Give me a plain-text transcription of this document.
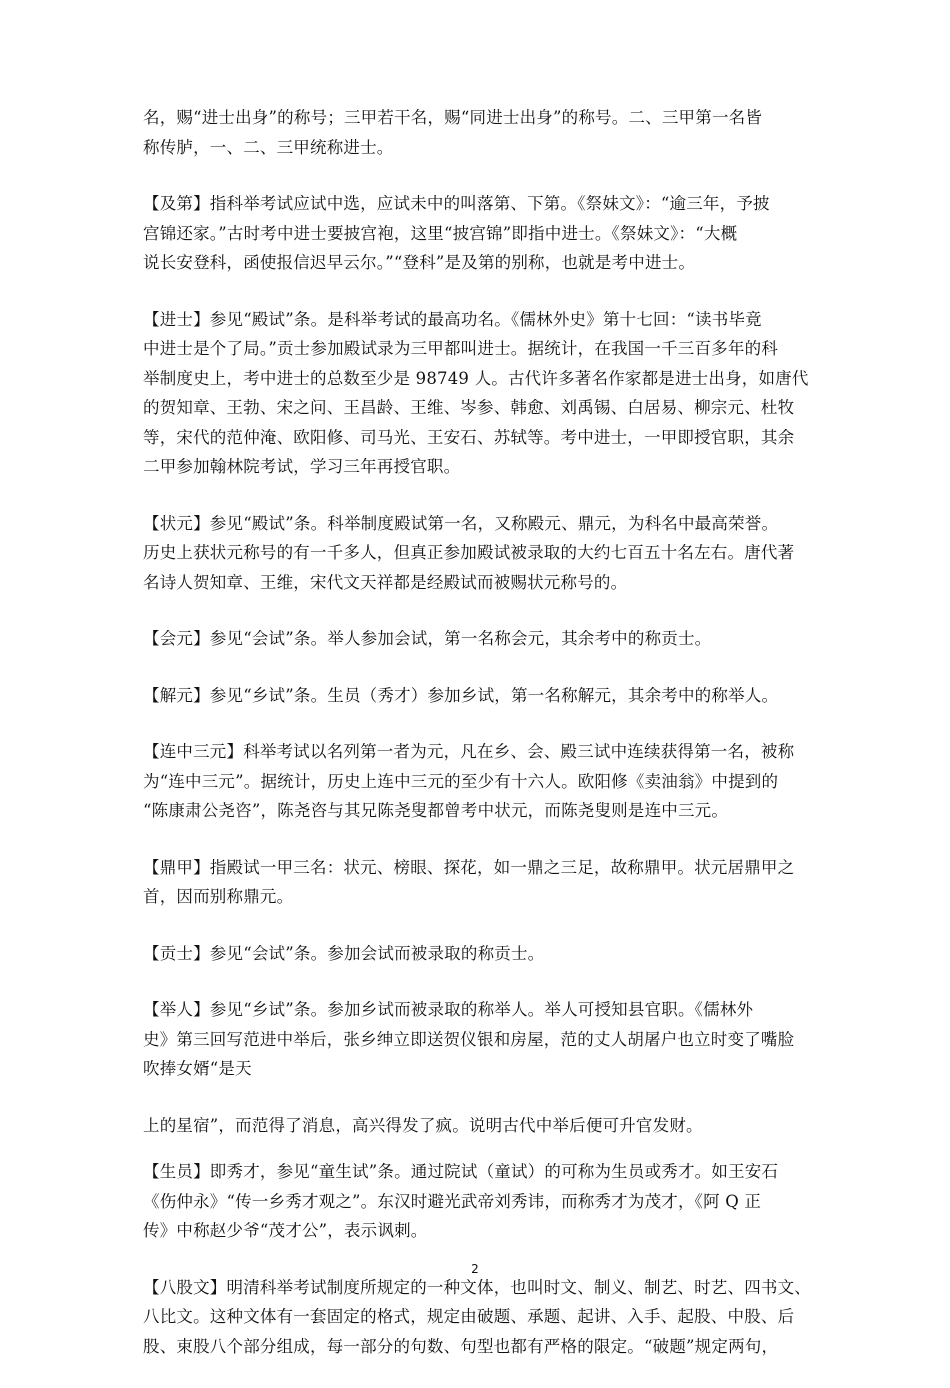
名，赐“进士出身”的称号；三甲若干名，赐“同进士出身”的称号。二、三甲第一名皆
称传胪，一、二、三甲统称进士。

【及第】指科举考试应试中选，应试未中的叫落第、下第。《祭妹文》：“逾三年，予披
宫锦还家。”古时考中进士要披宫袍，这里“披宫锦”即指中进士。《祭妹文》：“大概
说长安登科，函使报信迟早云尔。”“登科”是及第的别称，也就是考中进士。

【进士】参见“殿试”条。是科举考试的最高功名。《儒林外史》第十七回：“读书毕竟
中进士是个了局。”贡士参加殿试录为三甲都叫进士。据统计，在我国一千三百多年的科
举制度史上，考中进士的总数至少是 98749 人。古代许多著名作家都是进士出身，如唐代
的贺知章、王勃、宋之问、王昌龄、王维、岑参、韩愈、刘禹锡、白居易、柳宗元、杜牧
等，宋代的范仲淹、欧阳修、司马光、王安石、苏轼等。考中进士，一甲即授官职，其余
二甲参加翰林院考试，学习三年再授官职。

【状元】参见“殿试”条。科举制度殿试第一名，又称殿元、鼎元，为科名中最高荣誉。
历史上获状元称号的有一千多人，但真正参加殿试被录取的大约七百五十名左右。唐代著
名诗人贺知章、王维，宋代文天祥都是经殿试而被赐状元称号的。

【会元】参见“会试”条。举人参加会试，第一名称会元，其余考中的称贡士。

【解元】参见“乡试”条。生员（秀才）参加乡试，第一名称解元，其余考中的称举人。

【连中三元】科举考试以名列第一者为元，凡在乡、会、殿三试中连续获得第一名，被称
为“连中三元”。据统计，历史上连中三元的至少有十六人。欧阳修《卖油翁》中提到的
“陈康肃公尧咨”，陈尧咨与其兄陈尧叟都曾考中状元，而陈尧叟则是连中三元。

【鼎甲】指殿试一甲三名：状元、榜眼、探花，如一鼎之三足，故称鼎甲。状元居鼎甲之
首，因而别称鼎元。

【贡士】参见“会试”条。参加会试而被录取的称贡士。

【举人】参见“乡试”条。参加乡试而被录取的称举人。举人可授知县官职。《儒林外
史》第三回写范进中举后，张乡绅立即送贺仪银和房屋，范的丈人胡屠户也立时变了嘴脸
吹捧女婿“是天

上的星宿”，而范得了消息，高兴得发了疯。说明古代中举后便可升官发财。

【生员】即秀才，参见“童生试”条。通过院试（童试）的可称为生员或秀才。如王安石
《伤仲永》“传一乡秀才观之”。东汉时避光武帝刘秀讳，而称秀才为茂才，《阿 Q 正
传》中称赵少爷“茂才公”，表示讽刺。

【八股文】明清科举考试制度所规定的一种文体，也叫时文、制义、制艺、时艺、四书文、
八比文。这种文体有一套固定的格式，规定由破题、承题、起讲、入手、起股、中股、后
股、束股八个部分组成，每一部分的句数、句型也都有严格的限定。“破题”规定两句，

2
